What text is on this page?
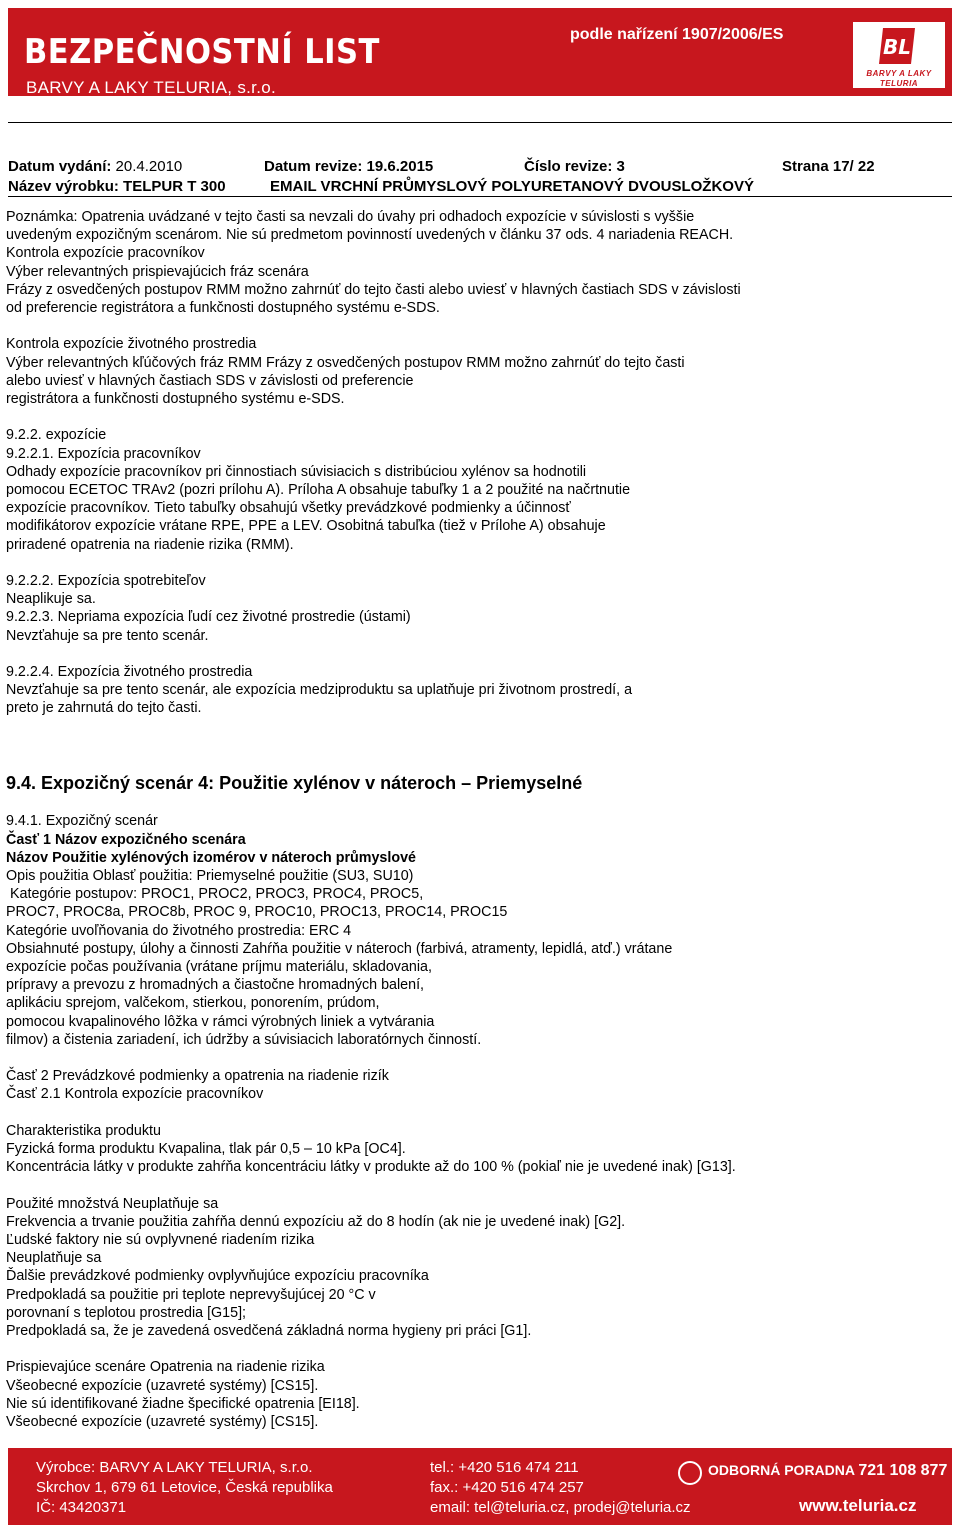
BEZPEČNOSTNÍ LIST
BARVY A LAKY TELURIA, s.r.o.
podle nařízení 1907/2006/ES
BL
BARVY A LAKY
TELURIA
Datum vydání: 20.4.2010	Datum revize: 19.6.2015	Číslo revize: 3	Strana 17/ 22
Název výrobku: TELPUR T 300	EMAIL VRCHNÍ PRŮMYSLOVÝ POLYURETANOVÝ DVOUSLOŽKOVÝ

Poznámka: Opatrenia uvádzané v tejto časti sa nevzali do úvahy pri odhadoch expozície v súvislosti s vyššie
uvedeným expozičným scenárom. Nie sú predmetom povinností uvedených v článku 37 ods. 4 nariadenia REACH.
Kontrola expozície pracovníkov
Výber relevantných prispievajúcich fráz scenára
Frázy z osvedčených postupov RMM možno zahrnúť do tejto časti alebo uviesť v hlavných častiach SDS v závislosti
od preferencie registrátora a funkčnosti dostupného systému e-SDS.

Kontrola expozície životného prostredia
Výber relevantných kľúčových fráz RMM Frázy z osvedčených postupov RMM možno zahrnúť do tejto časti
alebo uviesť v hlavných častiach SDS v závislosti od preferencie
registrátora a funkčnosti dostupného systému e-SDS.

9.2.2. expozície
9.2.2.1. Expozícia pracovníkov
Odhady expozície pracovníkov pri činnostiach súvisiacich s distribúciou xylénov sa hodnotili
pomocou ECETOC TRAv2 (pozri prílohu A). Príloha A obsahuje tabuľky 1 a 2 použité na načrtnutie
expozície pracovníkov. Tieto tabuľky obsahujú všetky prevádzkové podmienky a účinnosť
modifikátorov expozície vrátane RPE, PPE a LEV. Osobitná tabuľka (tiež v Prílohe A) obsahuje
priradené opatrenia na riadenie rizika (RMM).

9.2.2.2. Expozícia spotrebiteľov
Neaplikuje sa.
9.2.2.3. Nepriama expozícia ľudí cez životné prostredie (ústami)
Nevzťahuje sa pre tento scenár.

9.2.2.4. Expozícia životného prostredia
Nevzťahuje sa pre tento scenár, ale expozícia medziproduktu sa uplatňuje pri životnom prostredí, a
preto je zahrnutá do tejto časti.

9.4. Expozičný scenár 4: Použitie xylénov v náteroch – Priemyselné

9.4.1. Expozičný scenár

Časť 1 Názov expozičného scenára

Názov Použitie xylénových izomérov v náteroch průmyslové

Opis použitia Oblasť použitia: Priemyselné použitie (SU3, SU10)
Kategórie postupov: PROC1, PROC2, PROC3, PROC4, PROC5,
PROC7, PROC8a, PROC8b, PROC 9, PROC10, PROC13, PROC14, PROC15
Kategórie uvoľňovania do životného prostredia: ERC 4
Obsiahnuté postupy, úlohy a činnosti Zahŕňa použitie v náteroch (farbivá, atramenty, lepidlá, atď.) vrátane
expozície počas používania (vrátane príjmu materiálu, skladovania,
prípravy a prevozu z hromadných a čiastočne hromadných balení,
aplikáciu sprejom, valčekom, stierkou, ponorením, prúdom,
pomocou kvapalinového lôžka v rámci výrobných liniek a vytvárania
filmov) a čistenia zariadení, ich údržby a súvisiacich laboratórnych činností.

Časť 2 Prevádzkové podmienky a opatrenia na riadenie rizík
Časť 2.1 Kontrola expozície pracovníkov

Charakteristika produktu
Fyzická forma produktu Kvapalina, tlak pár 0,5 – 10 kPa [OC4].
Koncentrácia látky v produkte zahŕňa koncentráciu látky v produkte až do 100 % (pokiaľ nie je uvedené inak) [G13].

Použité množstvá Neuplatňuje sa
Frekvencia a trvanie použitia zahŕňa dennú expozíciu až do 8 hodín (ak nie je uvedené inak) [G2].
Ľudské faktory nie sú ovplyvnené riadením rizika
Neuplatňuje sa
Ďalšie prevádzkové podmienky ovplyvňujúce expozíciu pracovníka
Predpokladá sa použitie pri teplote neprevyšujúcej 20 °C v
porovnaní s teplotou prostredia [G15];
Predpokladá sa, že je zavedená osvedčená základná norma hygieny pri práci [G1].

Prispievajúce scenáre Opatrenia na riadenie rizika
Všeobecné expozície (uzavreté systémy) [CS15].
Nie sú identifikované žiadne špecifické opatrenia [EI18].
Všeobecné expozície (uzavreté systémy) [CS15].

Výrobce: BARVY A LAKY TELURIA, s.r.o.
Skrchov 1, 679 61 Letovice, Česká republika
IČ: 43420371
tel.: +420 516 474 211
fax.: +420 516 474 257
email: tel@teluria.cz, prodej@teluria.cz
ODBORNÁ PORADNA 721 108 877
www.teluria.cz
